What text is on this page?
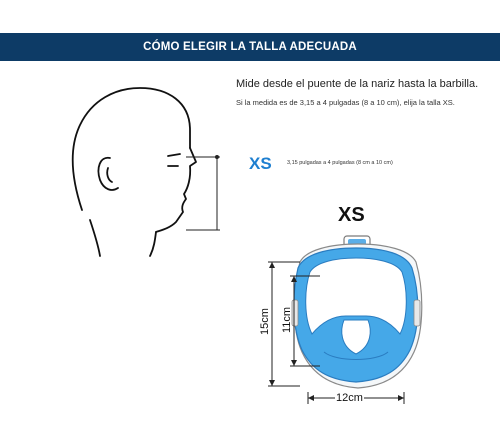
CÓMO ELEGIR LA TALLA ADECUADA
Mide desde el puente de la nariz hasta la barbilla.
Si la medida es de 3,15 a 4 pulgadas (8 a 10 cm), elija la talla XS.
XS	3,15 pulgadas a 4 pulgadas (8 cm a 10 cm)
XS
15cm 11cm
12cm
